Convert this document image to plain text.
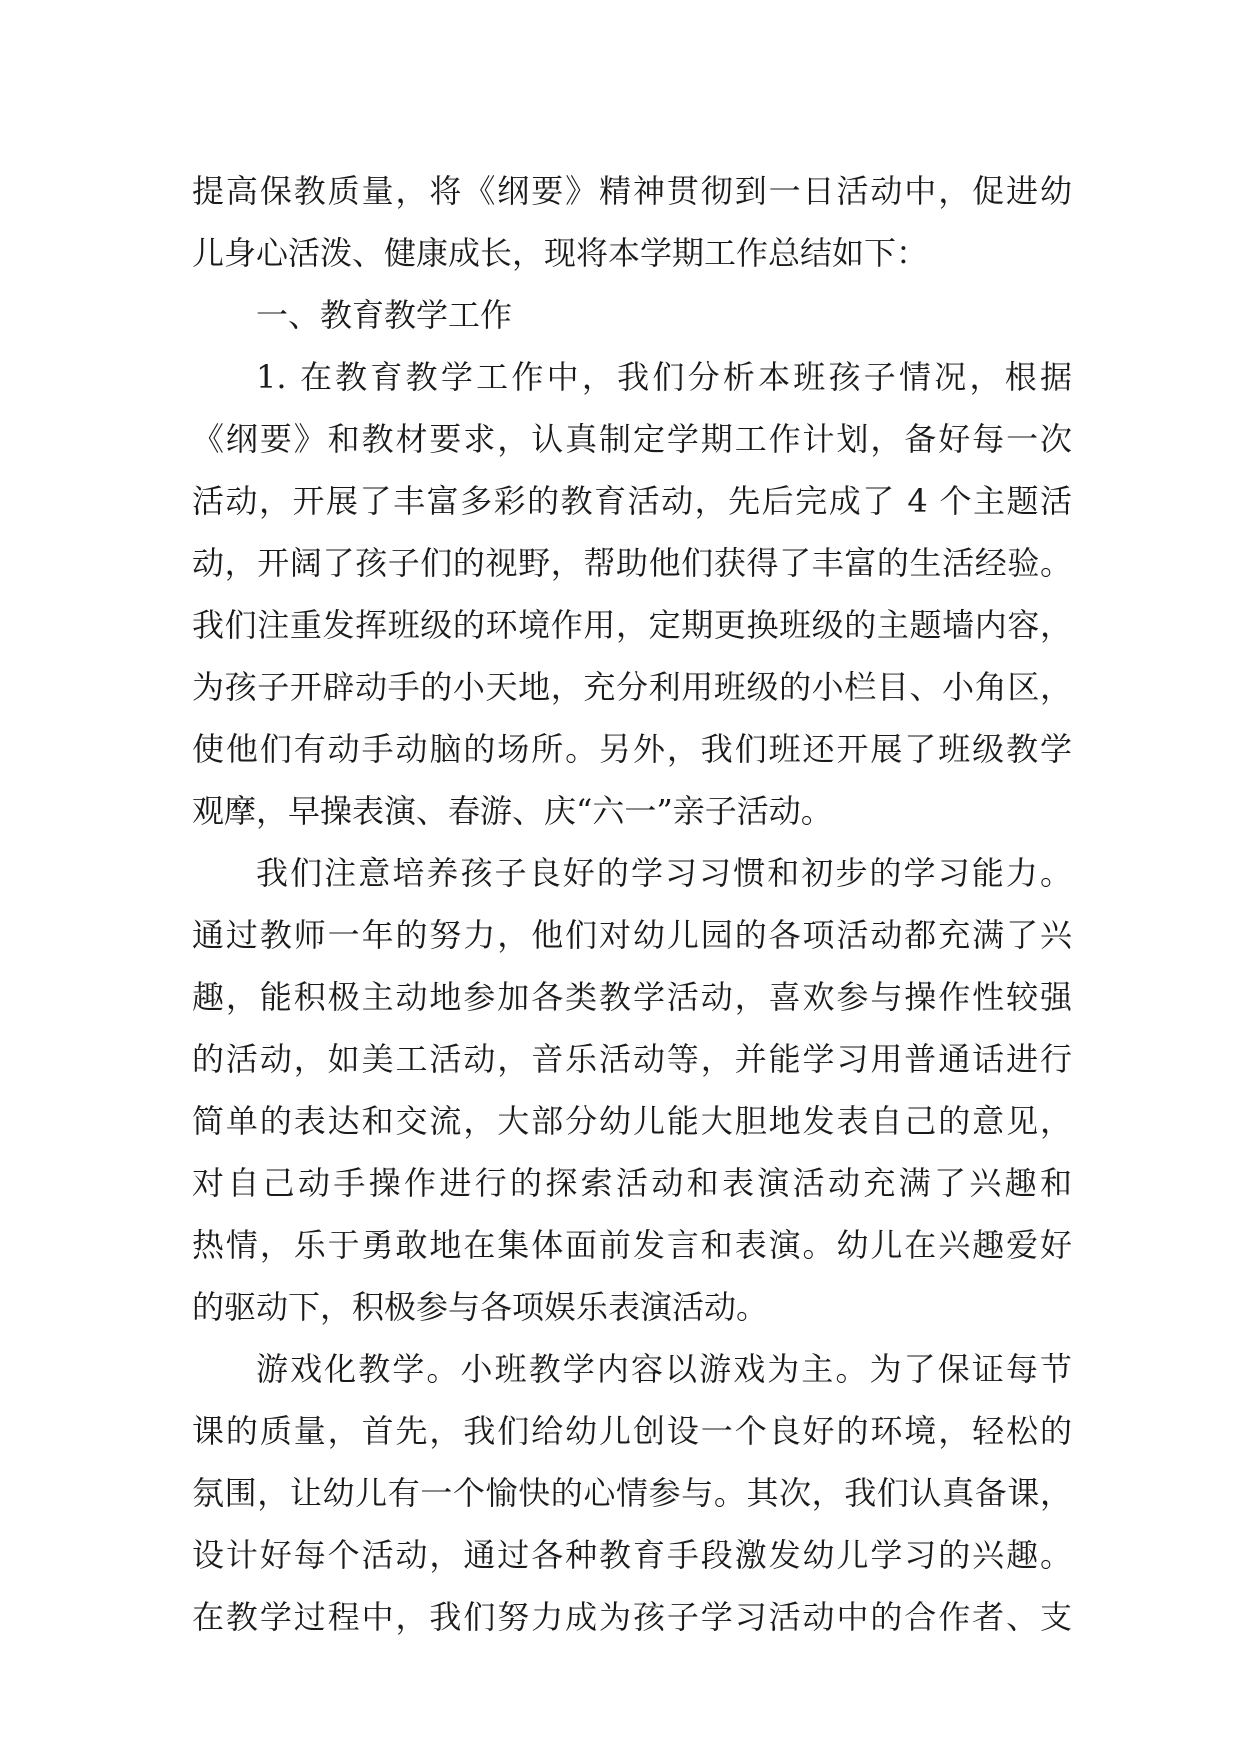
提高保教质量，将《纲要》精神贯彻到一日活动中，促进幼
儿身心活泼、健康成长，现将本学期工作总结如下：
一、教育教学工作
1. 在教育教学工作中，我们分析本班孩子情况，根据
《纲要》和教材要求，认真制定学期工作计划，备好每一次
活动，开展了丰富多彩的教育活动，先后完成了 4 个主题活
动，开阔了孩子们的视野，帮助他们获得了丰富的生活经验。
我们注重发挥班级的环境作用，定期更换班级的主题墙内容，
为孩子开辟动手的小天地，充分利用班级的小栏目、小角区，
使他们有动手动脑的场所。另外，我们班还开展了班级教学
观摩，早操表演、春游、庆“六一”亲子活动。
我们注意培养孩子良好的学习习惯和初步的学习能力。
通过教师一年的努力，他们对幼儿园的各项活动都充满了兴
趣，能积极主动地参加各类教学活动，喜欢参与操作性较强
的活动，如美工活动，音乐活动等，并能学习用普通话进行
简单的表达和交流，大部分幼儿能大胆地发表自己的意见，
对自己动手操作进行的探索活动和表演活动充满了兴趣和
热情，乐于勇敢地在集体面前发言和表演。幼儿在兴趣爱好
的驱动下，积极参与各项娱乐表演活动。
游戏化教学。小班教学内容以游戏为主。为了保证每节
课的质量，首先，我们给幼儿创设一个良好的环境，轻松的
氛围，让幼儿有一个愉快的心情参与。其次，我们认真备课，
设计好每个活动，通过各种教育手段激发幼儿学习的兴趣。
在教学过程中，我们努力成为孩子学习活动中的合作者、支
